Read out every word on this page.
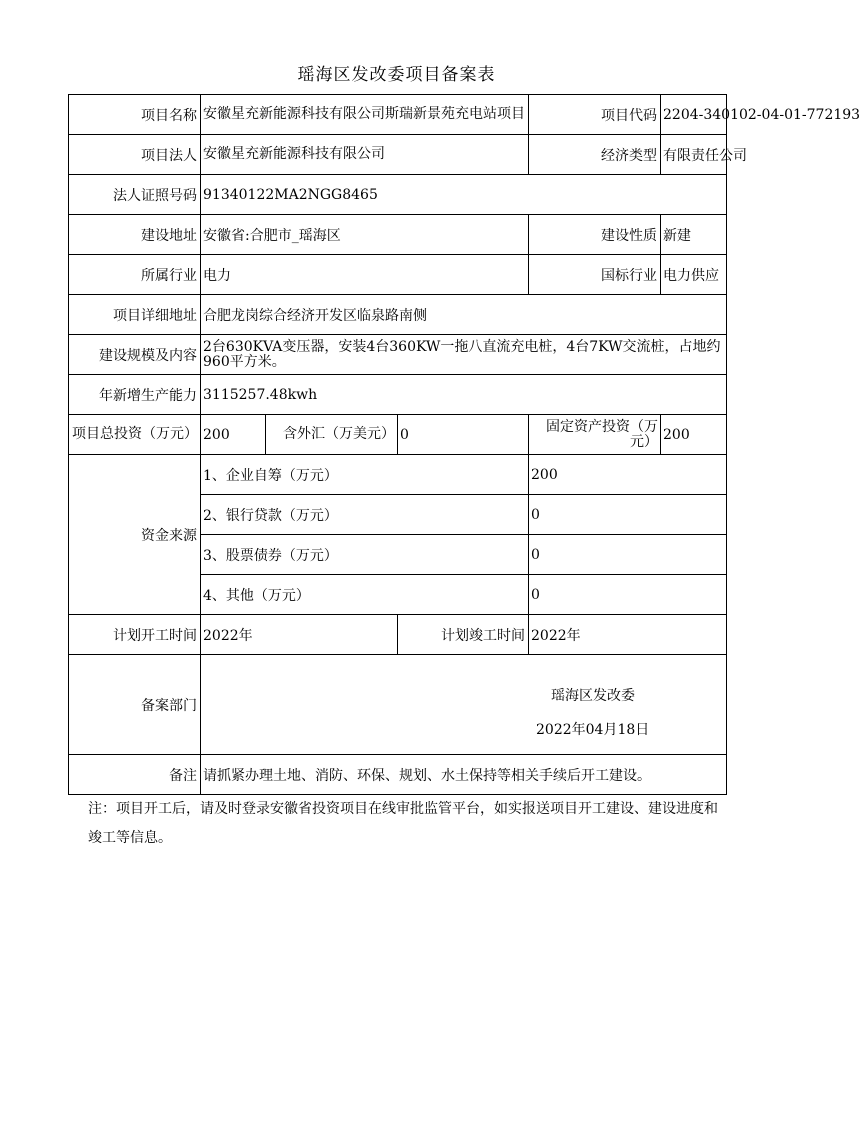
瑶海区发改委项目备案表
项目名称	安徽星充新能源科技有限公司斯瑞新景苑充电站项目			项目代码	2204-340102-04-01-772193
项目法人	安徽星充新能源科技有限公司			经济类型	有限责任公司
法人证照号码	91340122MA2NGG8465				
建设地址	安徽省:合肥市_瑶海区			建设性质	新建
所属行业	电力			国标行业	电力供应
项目详细地址	合肥龙岗综合经济开发区临泉路南侧				
建设规模及内容	2台630KVA变压器，安装4台360KW一拖八直流充电桩，4台7KW交流桩，占地约960平方米。				
年新增生产能力	3115257.48kwh				
项目总投资（万元）	200	含外汇（万美元）	0	固定资产投资（万元）	200
资金来源	1、企业自筹（万元）			200	
	2、银行贷款（万元）			0	
	3、股票债券（万元）			0	
	4、其他（万元）			0	
计划开工时间	2022年		计划竣工时间	2022年	
备案部门	瑶海区发改委
2022年04月18日				

备注	请抓紧办理土地、消防、环保、规划、水土保持等相关手续后开工建设。				
注：项目开工后，请及时登录安徽省投资项目在线审批监管平台，如实报送项目开工建设、建设进度和竣工等信息。
